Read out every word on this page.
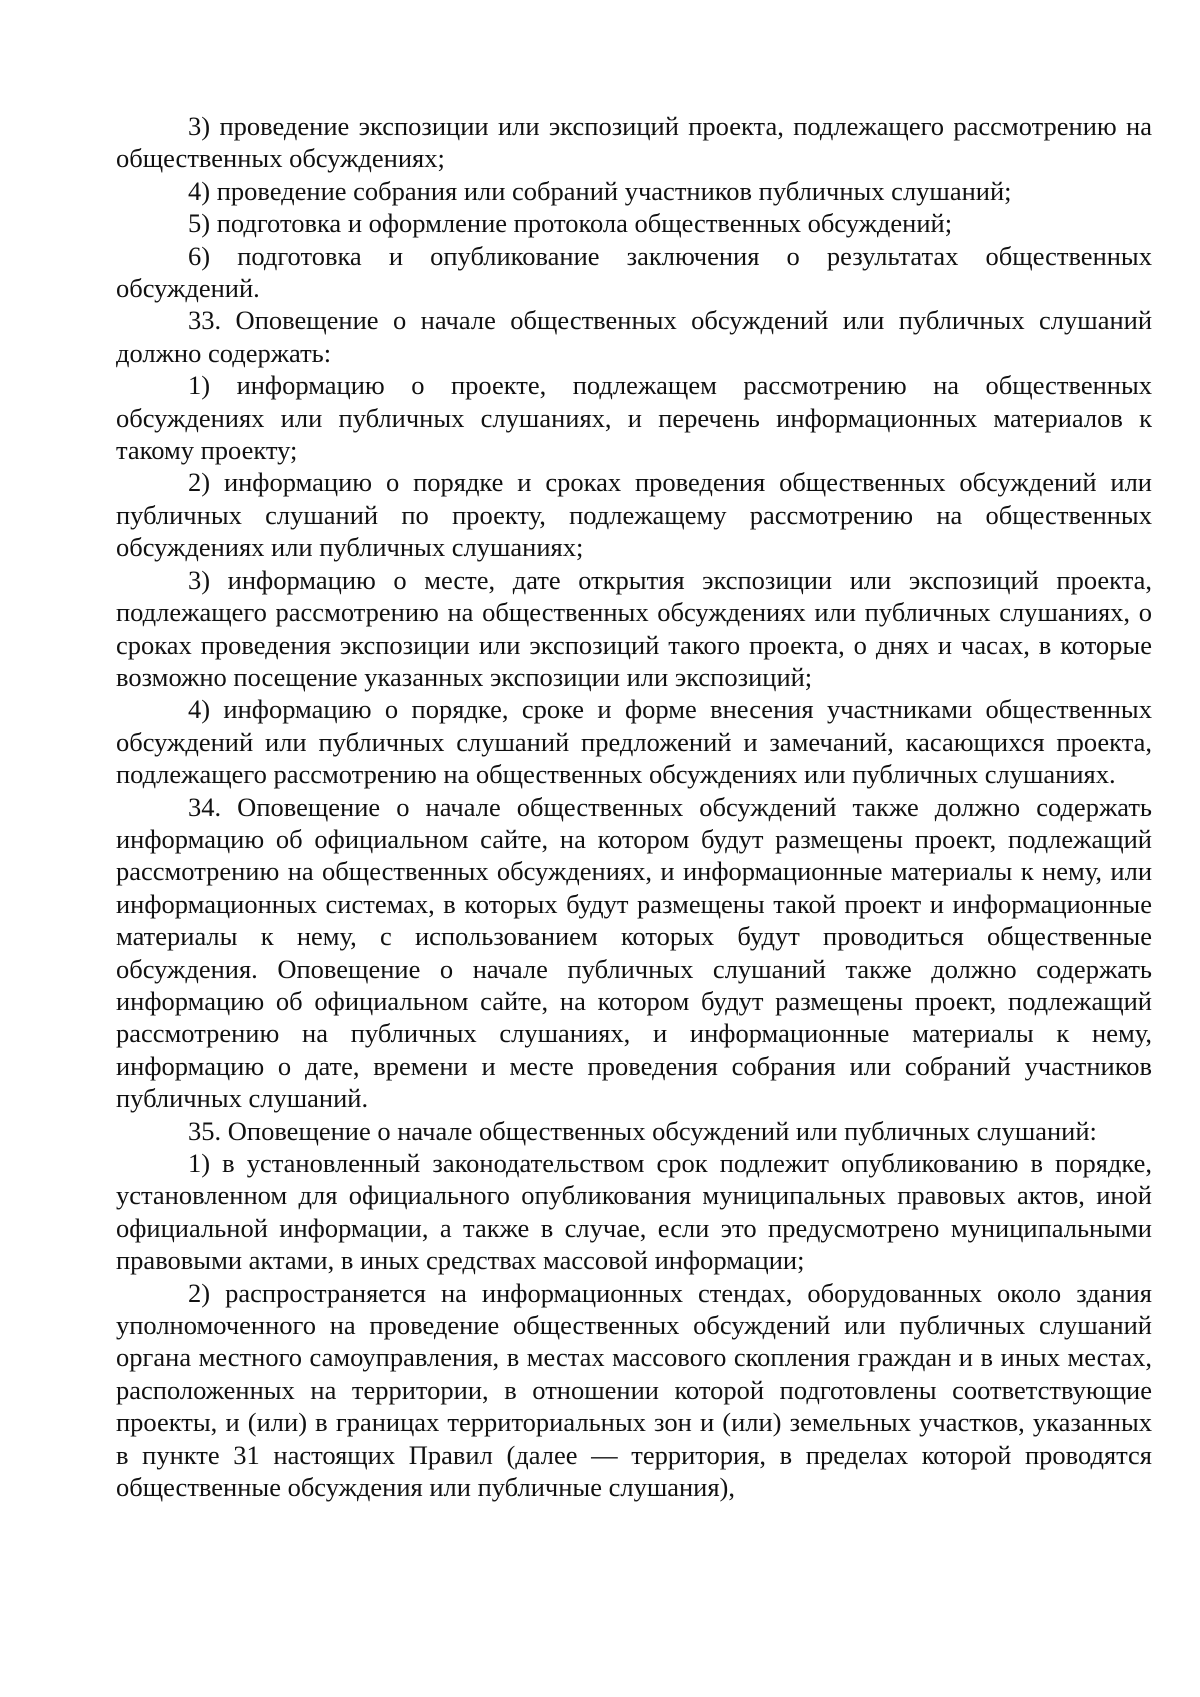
3) проведение экспозиции или экспозиций проекта, подлежащего рассмотрению на общественных обсуждениях;

4) проведение собрания или собраний участников публичных слушаний;

5) подготовка и оформление протокола общественных обсуждений;

6) подготовка и опубликование заключения о результатах общественных обсуждений.

33. Оповещение о начале общественных обсуждений или публичных слушаний должно содержать:

1) информацию о проекте, подлежащем рассмотрению на общественных обсуждениях или публичных слушаниях, и перечень информационных материалов к такому проекту;

2) информацию о порядке и сроках проведения общественных обсуждений или публичных слушаний по проекту, подлежащему рассмотрению на общественных обсуждениях или публичных слушаниях;

3) информацию о месте, дате открытия экспозиции или экспозиций проекта, подлежащего рассмотрению на общественных обсуждениях или публичных слушаниях, о сроках проведения экспозиции или экспозиций такого проекта, о днях и часах, в которые возможно посещение указанных экспозиции или экспозиций;

4) информацию о порядке, сроке и форме внесения участниками общественных обсуждений или публичных слушаний предложений и замечаний, касающихся проекта, подлежащего рассмотрению на общественных обсуждениях или публичных слушаниях.

34. Оповещение о начале общественных обсуждений также должно содержать информацию об официальном сайте, на котором будут размещены проект, подлежащий рассмотрению на общественных обсуждениях, и информационные материалы к нему, или информационных системах, в которых будут размещены такой проект и информационные материалы к нему, с использованием которых будут проводиться общественные обсуждения. Оповещение о начале публичных слушаний также должно содержать информацию об официальном сайте, на котором будут размещены проект, подлежащий рассмотрению на публичных слушаниях, и информационные материалы к нему, информацию о дате, времени и месте проведения собрания или собраний участников публичных слушаний.

35. Оповещение о начале общественных обсуждений или публичных слушаний:

1) в установленный законодательством срок подлежит опубликованию в порядке, установленном для официального опубликования муниципальных правовых актов, иной официальной информации, а также в случае, если это предусмотрено муниципальными правовыми актами, в иных средствах массовой информации;

2) распространяется на информационных стендах, оборудованных около здания уполномоченного на проведение общественных обсуждений или публичных слушаний органа местного самоуправления, в местах массового скопления граждан и в иных местах, расположенных на территории, в отношении которой подготовлены соответствующие проекты, и (или) в границах территориальных зон и (или) земельных участков, указанных в пункте 31 настоящих Правил (далее — территория, в пределах которой проводятся общественные обсуждения или публичные слушания),
